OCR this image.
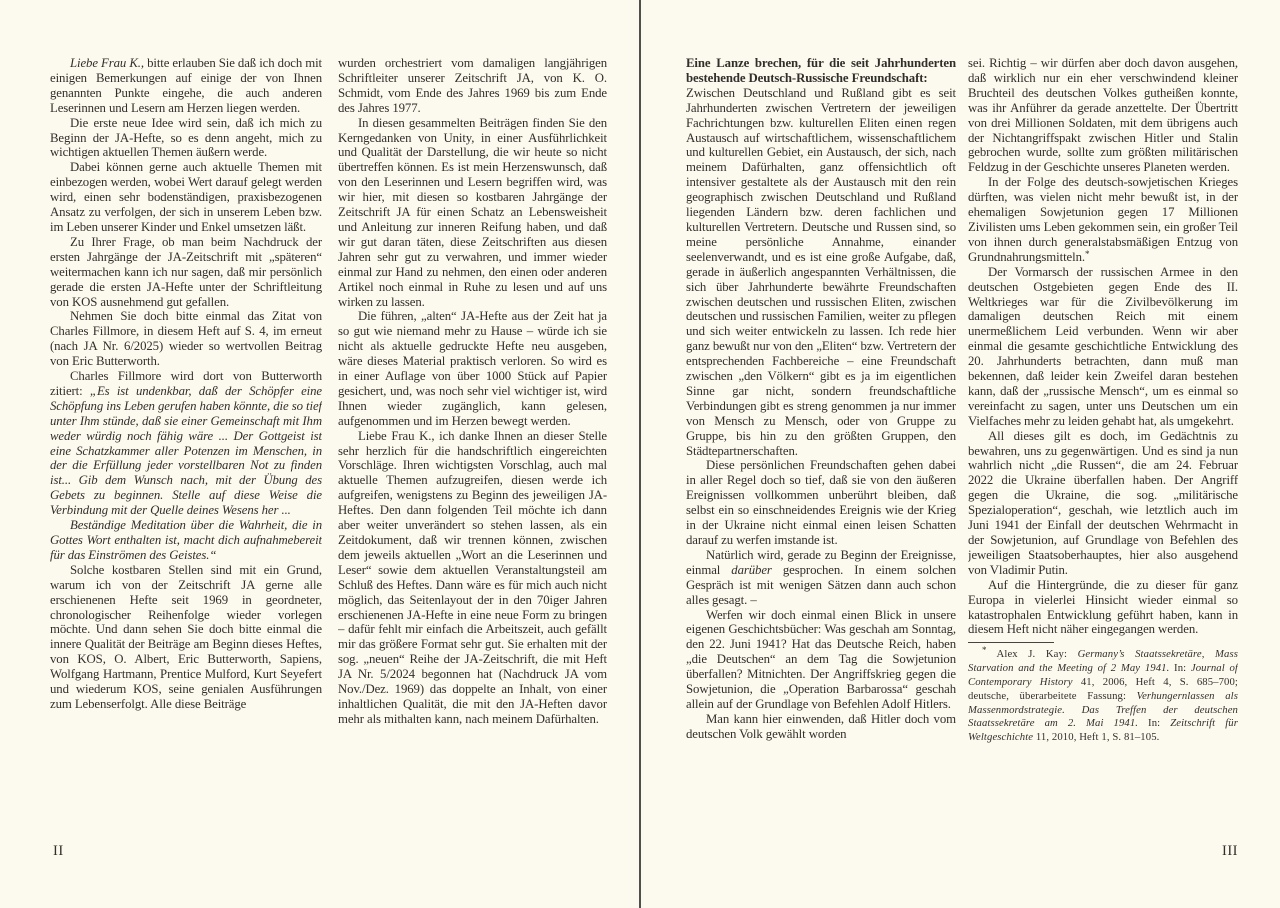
Liebe Frau K., bitte erlauben Sie daß ich doch mit einigen Bemerkungen auf einige der von Ihnen genannten Punkte eingehe, die auch anderen Leserinnen und Lesern am Herzen liegen werden.

Die erste neue Idee wird sein, daß ich mich zu Beginn der JA-Hefte, so es denn angeht, mich zu wichtigen aktuellen Themen äußern werde.

Dabei können gerne auch aktuelle Themen mit einbezogen werden, wobei Wert darauf gelegt werden wird, einen sehr bodenständigen, praxisbezogenen Ansatz zu verfolgen, der sich in unserem Leben bzw. im Leben unserer Kinder und Enkel umsetzen läßt.

Zu Ihrer Frage, ob man beim Nachdruck der ersten Jahrgänge der JA-Zeitschrift mit „späteren“ weitermachen kann ich nur sagen, daß mir persönlich gerade die ersten JA-Hefte unter der Schriftleitung von KOS ausnehmend gut gefallen.

Nehmen Sie doch bitte einmal das Zitat von Charles Fillmore, in diesem Heft auf S. 4, im erneut (nach JA Nr. 6/2025) wieder so wertvollen Beitrag von Eric Butterworth.

Charles Fillmore wird dort von Butterworth zitiert: „Es ist undenkbar, daß der Schöpfer eine Schöpfung ins Leben gerufen haben könnte, die so tief unter Ihm stünde, daß sie einer Gemeinschaft mit Ihm weder würdig noch fähig wäre ... Der Gottgeist ist eine Schatzkammer aller Potenzen im Menschen, in der die Erfüllung jeder vorstellbaren Not zu finden ist... Gib dem Wunsch nach, mit der Übung des Gebets zu beginnen. Stelle auf diese Weise die Verbindung mit der Quelle deines Wesens her ...

Beständige Meditation über die Wahrheit, die in Gottes Wort enthalten ist, macht dich aufnahmebereit für das Einströmen des Geistes.“

Solche kostbaren Stellen sind mit ein Grund, warum ich von der Zeitschrift JA gerne alle erschienenen Hefte seit 1969 in geordneter, chronologischer Reihenfolge wieder vorlegen möchte. Und dann sehen Sie doch bitte einmal die innere Qualität der Beiträge am Beginn dieses Heftes, von KOS, O. Albert, Eric Butterworth, Sapiens, Wolfgang Hartmann, Prentice Mulford, Kurt Seyefert und wiederum KOS, seine genialen Ausführungen zum Lebenserfolgt. Alle diese Beiträge

wurden orchestriert vom damaligen langjährigen Schriftleiter unserer Zeitschrift JA, von K. O. Schmidt, vom Ende des Jahres 1969 bis zum Ende des Jahres 1977.

In diesen gesammelten Beiträgen finden Sie den Kerngedanken von Unity, in einer Ausführlichkeit und Qualität der Darstellung, die wir heute so nicht übertreffen können. Es ist mein Herzenswunsch, daß von den Leserinnen und Lesern begriffen wird, was wir hier, mit diesen so kostbaren Jahrgänge der Zeitschrift JA für einen Schatz an Lebensweisheit und Anleitung zur inneren Reifung haben, und daß wir gut daran täten, diese Zeitschriften aus diesen Jahren sehr gut zu verwahren, und immer wieder einmal zur Hand zu nehmen, den einen oder anderen Artikel noch einmal in Ruhe zu lesen und auf uns wirken zu lassen.

Die führen, „alten“ JA-Hefte aus der Zeit hat ja so gut wie niemand mehr zu Hause – würde ich sie nicht als aktuelle gedruckte Hefte neu ausgeben, wäre dieses Material praktisch verloren. So wird es in einer Auflage von über 1000 Stück auf Papier gesichert, und, was noch sehr viel wichtiger ist, wird Ihnen wieder zugänglich, kann gelesen, aufgenommen und im Herzen bewegt werden.

Liebe Frau K., ich danke Ihnen an dieser Stelle sehr herzlich für die handschriftlich eingereichten Vorschläge. Ihren wichtigsten Vorschlag, auch mal aktuelle Themen aufzugreifen, diesen werde ich aufgreifen, wenigstens zu Beginn des jeweiligen JA-Heftes. Den dann folgenden Teil möchte ich dann aber weiter unverändert so stehen lassen, als ein Zeitdokument, daß wir trennen können, zwischen dem jeweils aktuellen „Wort an die Leserinnen und Leser“ sowie dem aktuellen Veranstaltungsteil am Schluß des Heftes. Dann wäre es für mich auch nicht möglich, das Seitenlayout der in den 70iger Jahren erschienenen JA-Hefte in eine neue Form zu bringen – dafür fehlt mir einfach die Arbeitszeit, auch gefällt mir das größere Format sehr gut. Sie erhalten mit der sog. „neuen“ Reihe der JA-Zeitschrift, die mit Heft JA Nr. 5/2024 begonnen hat (Nachdruck JA vom Nov./Dez. 1969) das doppelte an Inhalt, von einer inhaltlichen Qualität, die mit den JA-Heften davor mehr als mithalten kann, nach meinem Dafürhalten.

II

Eine Lanze brechen, für die seit Jahrhunderten bestehende Deutsch-Russische Freundschaft:

Zwischen Deutschland und Rußland gibt es seit Jahrhunderten zwischen Vertretern der jeweiligen Fachrichtungen bzw. kulturellen Eliten einen regen Austausch auf wirtschaftlichem, wissenschaftlichem und kulturellen Gebiet, ein Austausch, der sich, nach meinem Dafürhalten, ganz offensichtlich oft intensiver gestaltete als der Austausch mit den rein geographisch zwischen Deutschland und Rußland liegenden Ländern bzw. deren fachlichen und kulturellen Vertretern. Deutsche und Russen sind, so meine persönliche Annahme, einander seelenverwandt, und es ist eine große Aufgabe, daß, gerade in äußerlich angespannten Verhältnissen, die sich über Jahrhunderte bewährte Freundschaften zwischen deutschen und russischen Eliten, zwischen deutschen und russischen Familien, weiter zu pflegen und sich weiter entwickeln zu lassen. Ich rede hier ganz bewußt nur von den „Eliten“ bzw. Vertretern der entsprechenden Fachbereiche – eine Freundschaft zwischen „den Völkern“ gibt es ja im eigentlichen Sinne gar nicht, sondern freundschaftliche Verbindungen gibt es streng genommen ja nur immer von Mensch zu Mensch, oder von Gruppe zu Gruppe, bis hin zu den größten Gruppen, den Städtepartnerschaften.

Diese persönlichen Freundschaften gehen dabei in aller Regel doch so tief, daß sie von den äußeren Ereignissen vollkommen unberührt bleiben, daß selbst ein so einschneidendes Ereignis wie der Krieg in der Ukraine nicht einmal einen leisen Schatten darauf zu werfen imstande ist.

Natürlich wird, gerade zu Beginn der Ereignisse, einmal darüber gesprochen. In einem solchen Gespräch ist mit wenigen Sätzen dann auch schon alles gesagt. –

Werfen wir doch einmal einen Blick in unsere eigenen Geschichtsbücher: Was geschah am Sonntag, den 22. Juni 1941? Hat das Deutsche Reich, haben „die Deutschen“ an dem Tag die Sowjetunion überfallen? Mitnichten. Der Angriffskrieg gegen die Sowjetunion, die „Operation Barbarossa“ geschah allein auf der Grundlage von Befehlen Adolf Hitlers.

Man kann hier einwenden, daß Hitler doch vom deutschen Volk gewählt worden

sei. Richtig – wir dürfen aber doch davon ausgehen, daß wirklich nur ein eher verschwindend kleiner Bruchteil des deutschen Volkes gutheißen konnte, was ihr Anführer da gerade anzettelte. Der Übertritt von drei Millionen Soldaten, mit dem übrigens auch der Nichtangriffspakt zwischen Hitler und Stalin gebrochen wurde, sollte zum größten militärischen Feldzug in der Geschichte unseres Planeten werden.

In der Folge des deutsch-sowjetischen Krieges dürften, was vielen nicht mehr bewußt ist, in der ehemaligen Sowjetunion gegen 17 Millionen Zivilisten ums Leben gekommen sein, ein großer Teil von ihnen durch generalstabsmäßigen Entzug von Grundnahrungsmitteln.*

Der Vormarsch der russischen Armee in den deutschen Ostgebieten gegen Ende des II. Weltkrieges war für die Zivilbevölkerung im damaligen deutschen Reich mit einem unermeßlichem Leid verbunden. Wenn wir aber einmal die gesamte geschichtliche Entwicklung des 20. Jahrhunderts betrachten, dann muß man bekennen, daß leider kein Zweifel daran bestehen kann, daß der „russische Mensch“, um es einmal so vereinfacht zu sagen, unter uns Deutschen um ein Vielfaches mehr zu leiden gehabt hat, als umgekehrt.

All dieses gilt es doch, im Gedächtnis zu bewahren, uns zu gegenwärtigen. Und es sind ja nun wahrlich nicht „die Russen“, die am 24. Februar 2022 die Ukraine überfallen haben. Der Angriff gegen die Ukraine, die sog. „militärische Spezialoperation“, geschah, wie letztlich auch im Juni 1941 der Einfall der deutschen Wehrmacht in der Sowjetunion, auf Grundlage von Befehlen des jeweiligen Staatsoberhauptes, hier also ausgehend von Vladimir Putin.

Auf die Hintergründe, die zu dieser für ganz Europa in vielerlei Hinsicht wieder einmal so katastrophalen Entwicklung geführt haben, kann in diesem Heft nicht näher eingegangen werden.

* Alex J. Kay: Germany’s Staatssekretäre, Mass Starvation and the Meeting of 2 May 1941. In: Journal of Contemporary History 41, 2006, Heft 4, S. 685–700; deutsche, überarbeitete Fassung: Verhungernlassen als Massenmordstrategie. Das Treffen der deutschen Staatssekretäre am 2. Mai 1941. In: Zeitschrift für Weltgeschichte 11, 2010, Heft 1, S. 81–105.

III
